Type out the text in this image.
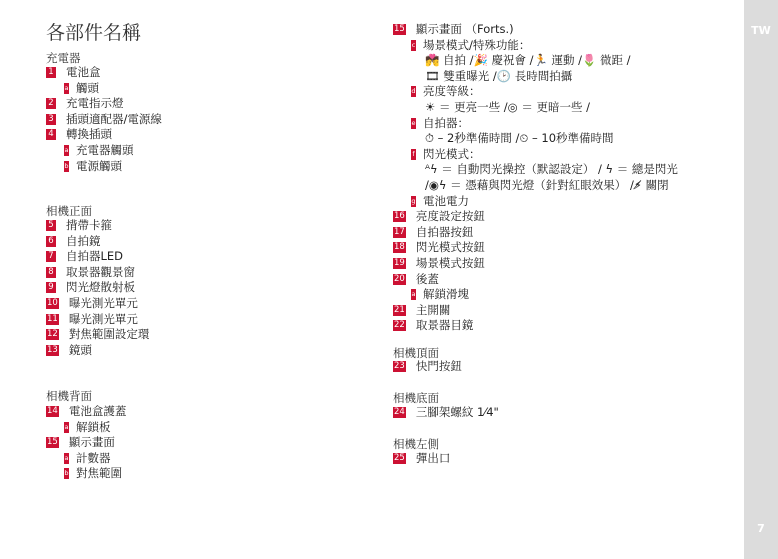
TW
7
各部件名稱
充電器
1 電池盒
a 觸頭
2 充電指示燈
3 插頭適配器/電源線
4 轉換插頭
a 充電器觸頭
b 電源觸頭
相機正面
5 揹帶卡箍
6 自拍鏡
7 自拍器LED
8 取景器觀景窗
9 閃光燈散射板
10 曝光測光單元
11 曝光測光單元
12 對焦範圍設定環
13 鏡頭
相機背面
14 電池盒護蓋
a 解鎖板
15 顯示畫面
a 計數器
b 對焦範圍
15 顯示畫面 （Forts.)
c 場景模式/特殊功能：
💏 自拍 /🎉 慶祝會 /🏃 運動 /🌷 微距 /
🎞 雙重曝光 /🕑 長時間拍攝
d 亮度等級：
☀ ＝ 更亮一些 /◎ ＝ 更暗一些 /
e 自拍器：
⏱ – 2秒準備時間 /⏲ – 10秒準備時間
f 閃光模式：
ᴬϟ ＝ 自動閃光操控（默認設定） / ϟ ＝ 總是閃光
/◉ϟ ＝ 憑藉與閃光燈（針對紅眼效果） /⚡̸ 關閉
g 電池電力
16 亮度設定按鈕
17 自拍器按鈕
18 閃光模式按鈕
19 場景模式按鈕
20 後蓋
a 解鎖滑塊
21 主開關
22 取景器目鏡
相機頂面
23 快門按鈕
相機底面
24 三腳架螺紋 1⁄4"
相機左側
25 彈出口
